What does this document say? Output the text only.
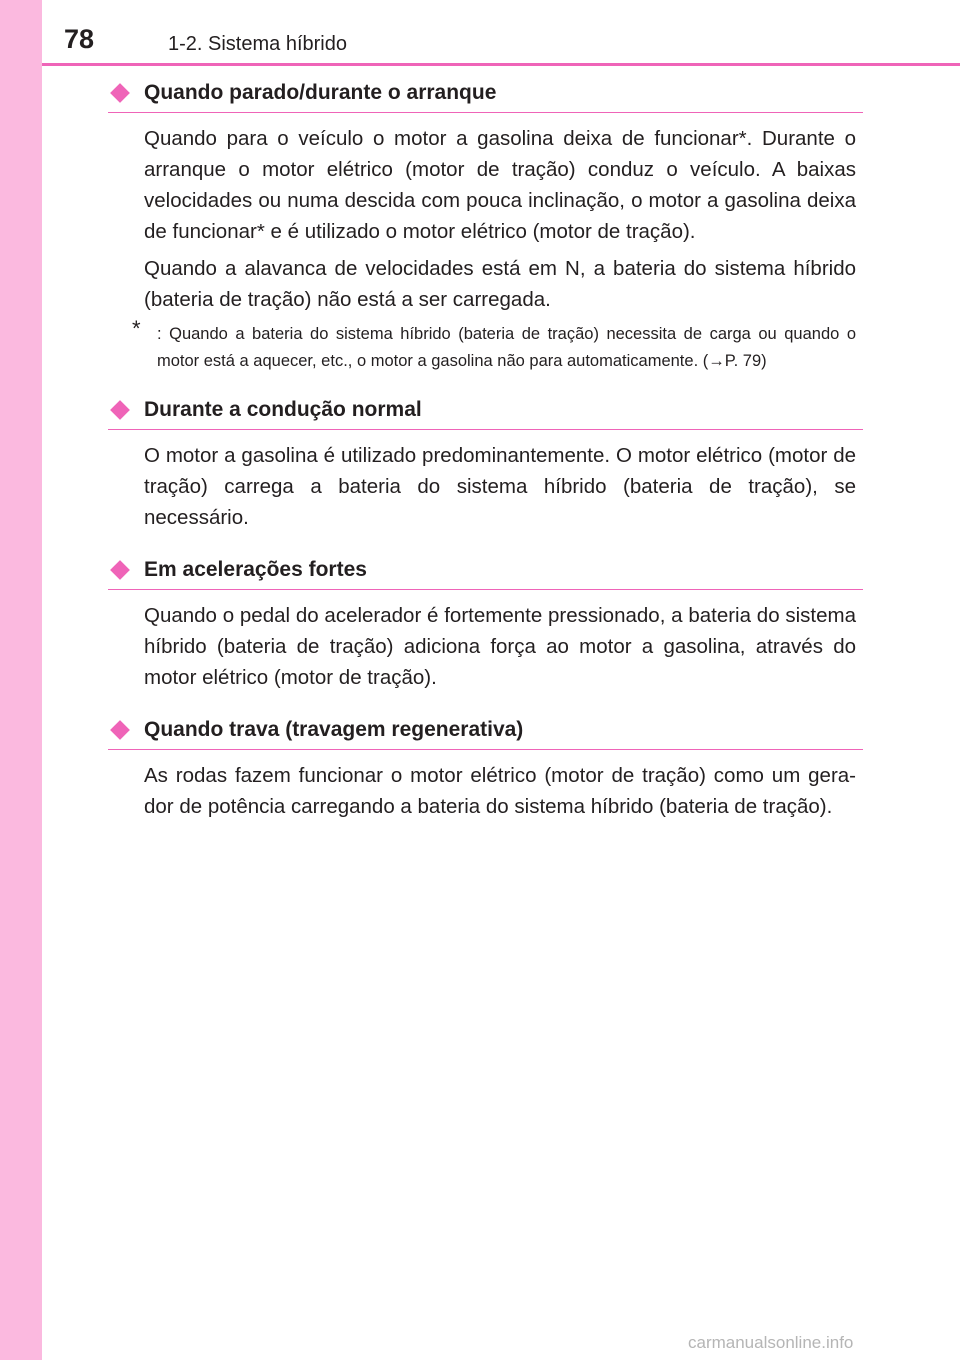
78	1-2. Sistema híbrido
Quando parado/durante o arranque

Quando para o veículo o motor a gasolina deixa de funcionar*. Durante o arranque o motor elétrico (motor de tração) conduz o veículo. A baixas velocidades ou numa descida com pouca inclinação, o motor a gasolina deixa de funcionar* e é utilizado o motor elétrico (motor de tração).

Quando a alavanca de velocidades está em N, a bateria do sistema híbrido (bateria de tração) não está a ser carregada.

* : Quando a bateria do sistema híbrido (bateria de tração) necessita de carga ou quando o motor está a aquecer, etc., o motor a gasolina não para automaticamente. (→P. 79)
Durante a condução normal

O motor a gasolina é utilizado predominantemente. O motor elétrico (motor de tração) carrega a bateria do sistema híbrido (bateria de tração), se necessário.

Em acelerações fortes

Quando o pedal do acelerador é fortemente pressionado, a bateria do sistema híbrido (bateria de tração) adiciona força ao motor a gasolina, através do motor elétrico (motor de tração).

Quando trava (travagem regenerativa)

As rodas fazem funcionar o motor elétrico (motor de tração) como um gera-dor de potência carregando a bateria do sistema híbrido (bateria de tração).

carmanualsonline.info
